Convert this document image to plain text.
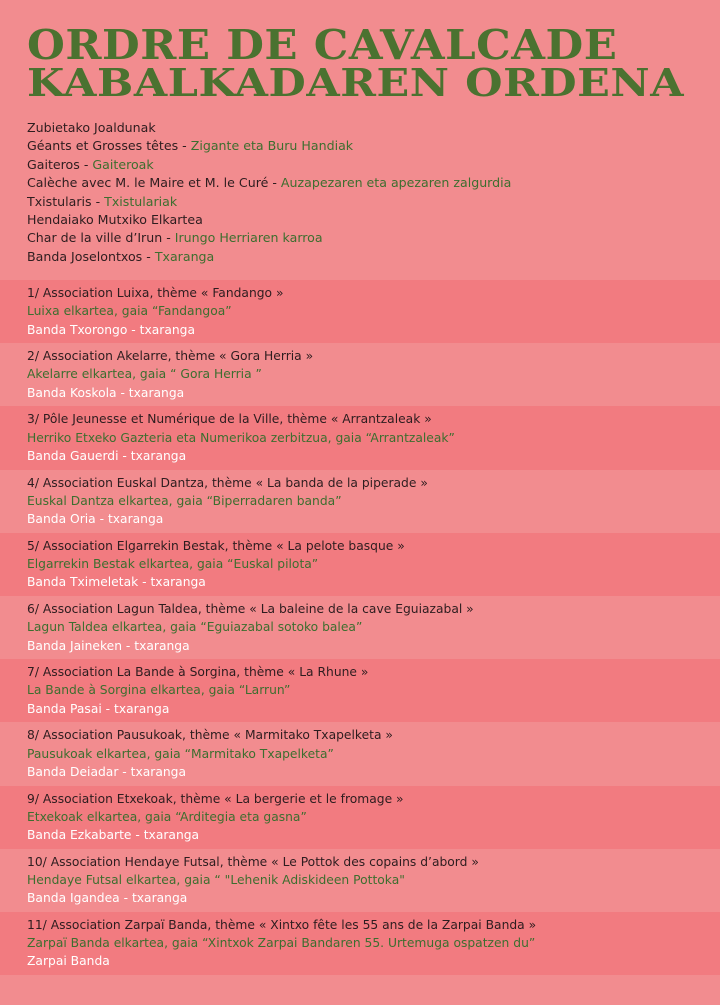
ORDRE DE CAVALCADE
KABALKADAREN ORDENA
Zubietako Joaldunak
Géants et Grosses têtes - Zigante eta Buru Handiak
Gaiteros - Gaiteroak
Calèche avec M. le Maire et M. le Curé - Auzapezaren eta apezaren zalgurdia
Txistularis - Txistulariak
Hendaiako Mutxiko Elkartea
Char de la ville d’Irun - Irungo Herriaren karroa
Banda Joselontxos - Txaranga
1/ Association Luixa, thème « Fandango »
Luixa elkartea, gaia “Fandangoa”
Banda Txorongo - txaranga
2/ Association Akelarre, thème « Gora Herria »
Akelarre elkartea, gaia “ Gora Herria ”
Banda Koskola - txaranga
3/ Pôle Jeunesse et Numérique de la Ville, thème « Arrantzaleak »
Herriko Etxeko Gazteria eta Numerikoa zerbitzua, gaia “Arrantzaleak”
Banda Gauerdi - txaranga
4/ Association Euskal Dantza, thème « La banda de la piperade »
Euskal Dantza elkartea, gaia “Biperradaren banda”
Banda Oria - txaranga
5/ Association Elgarrekin Bestak, thème « La pelote basque »
Elgarrekin Bestak elkartea, gaia “Euskal pilota”
Banda Tximeletak - txaranga
6/ Association Lagun Taldea, thème « La baleine de la cave Eguiazabal »
Lagun Taldea elkartea, gaia “Eguiazabal sotoko balea”
Banda Jaineken - txaranga
7/ Association La Bande à Sorgina, thème « La Rhune »
La Bande à Sorgina elkartea, gaia “Larrun”
Banda Pasai - txaranga
8/ Association Pausukoak, thème « Marmitako Txapelketa »
Pausukoak elkartea, gaia “Marmitako Txapelketa”
Banda Deiadar - txaranga
9/ Association Etxekoak, thème « La bergerie et le fromage »
Etxekoak elkartea, gaia “Arditegia eta gasna”
Banda Ezkabarte - txaranga
10/ Association Hendaye Futsal, thème « Le Pottok des copains d’abord »
Hendaye Futsal elkartea, gaia “ "Lehenik Adiskideen Pottoka"
Banda Igandea - txaranga
11/ Association Zarpaï Banda, thème « Xintxo fête les 55 ans de la Zarpai Banda »
Zarpaï Banda elkartea, gaia “Xintxok Zarpai Bandaren 55. Urtemuga ospatzen du”
Zarpai Banda
